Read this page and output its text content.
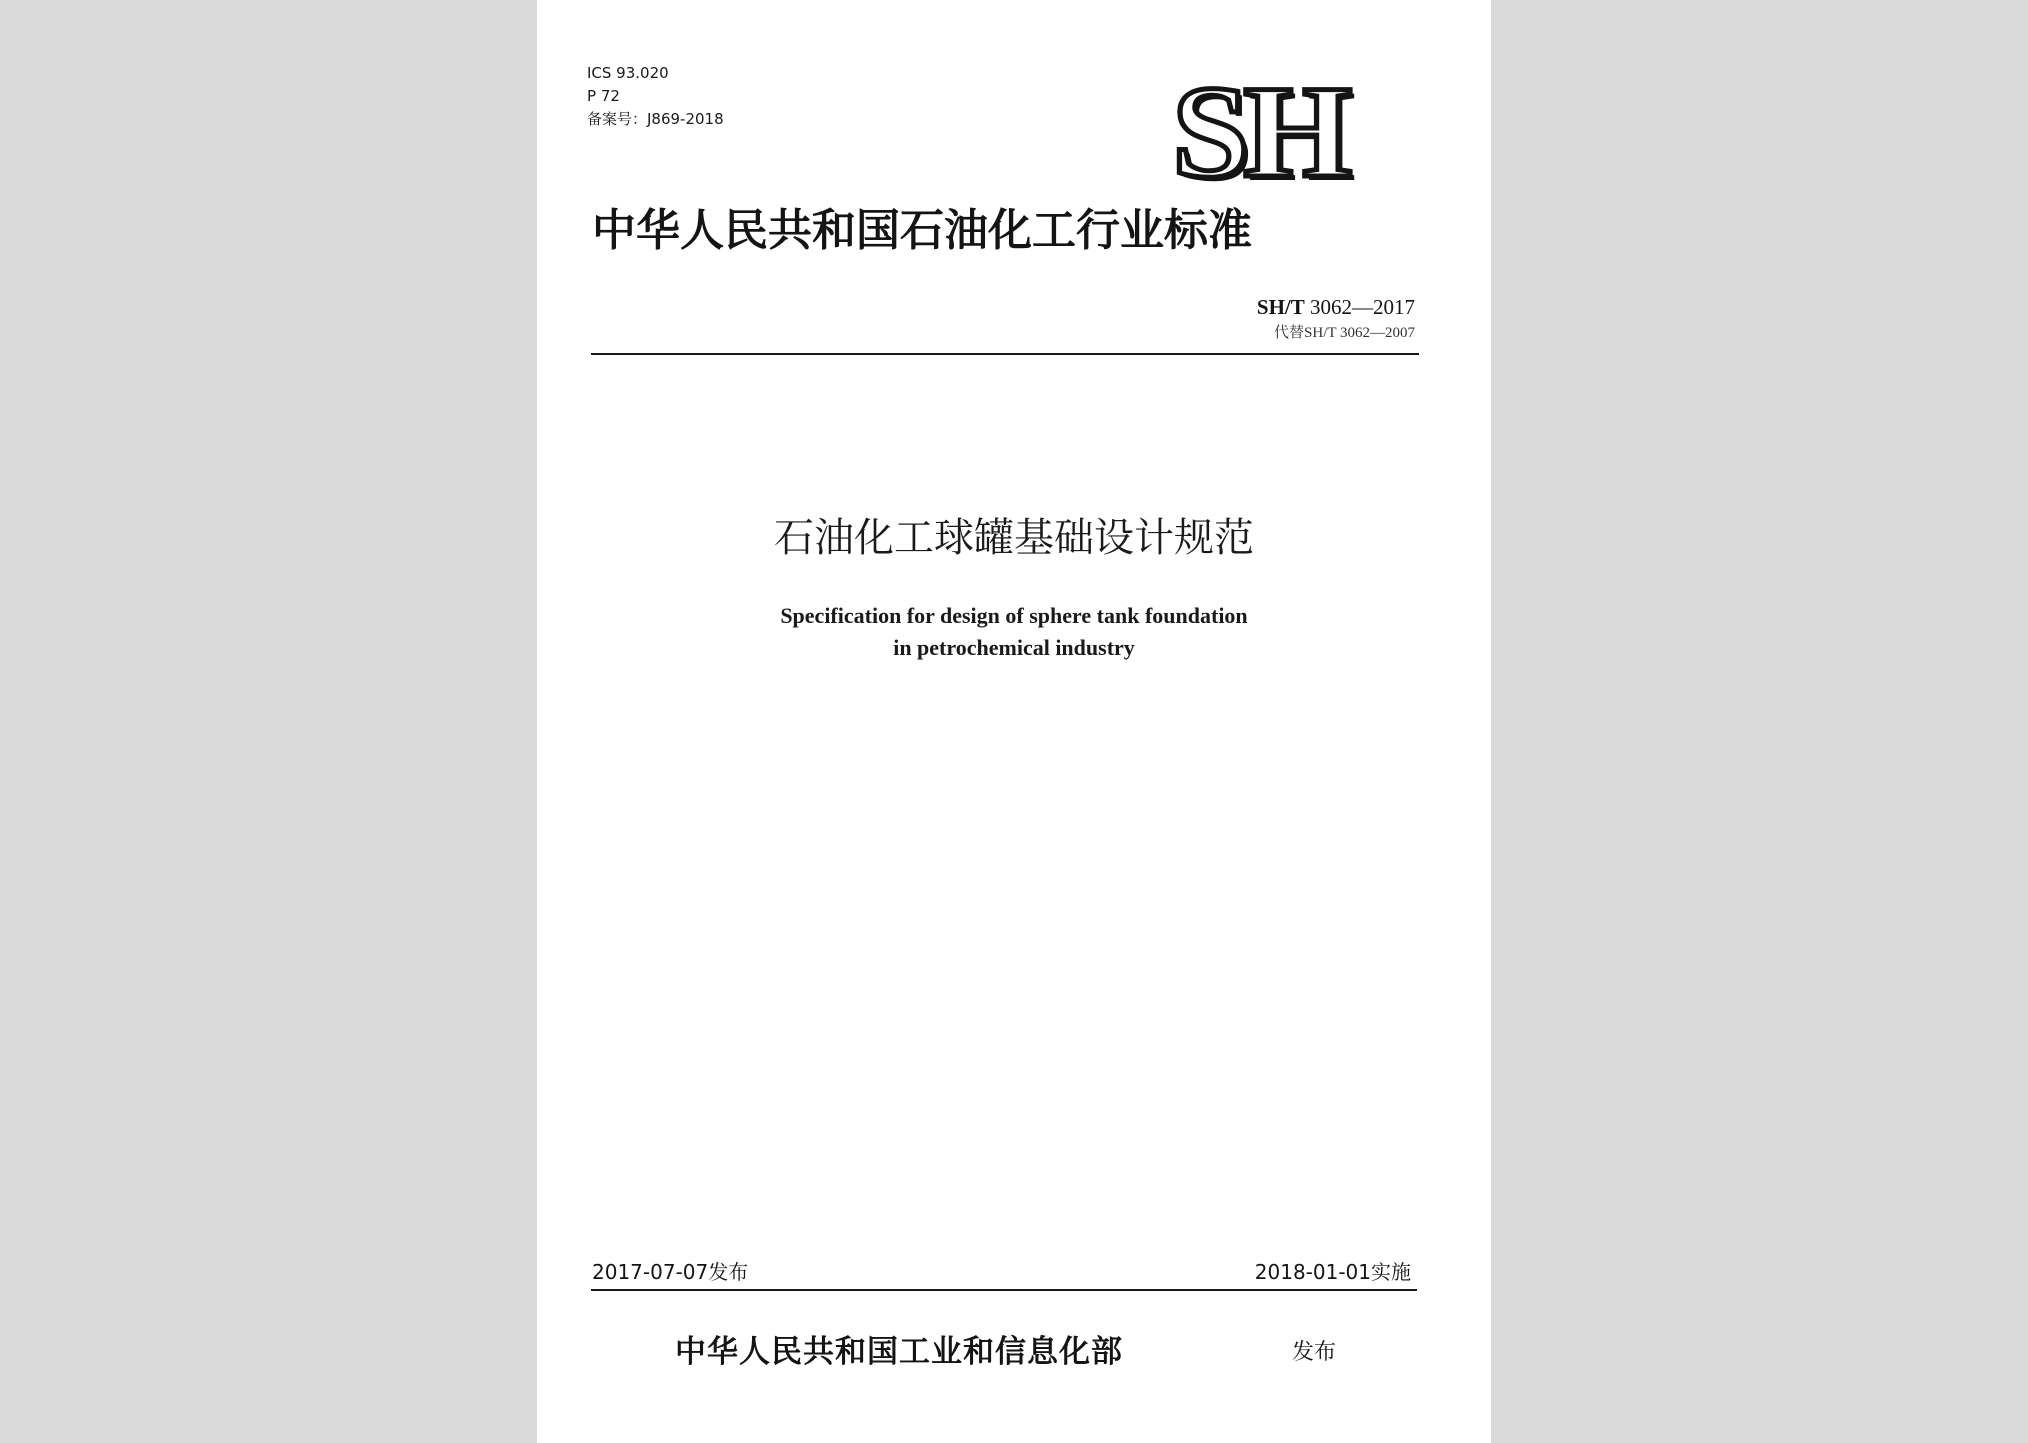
ICS 93.020
P 72
备案号：J869-2018	SH
中华人民共和国石油化工行业标准
SH/T 3062—2017
代替SH/T 3062—2007
石油化工球罐基础设计规范
Specification for design of sphere tank foundation
in petrochemical industry
2017-07-07发布	2018-01-01实施
中华人民共和国工业和信息化部	发布
